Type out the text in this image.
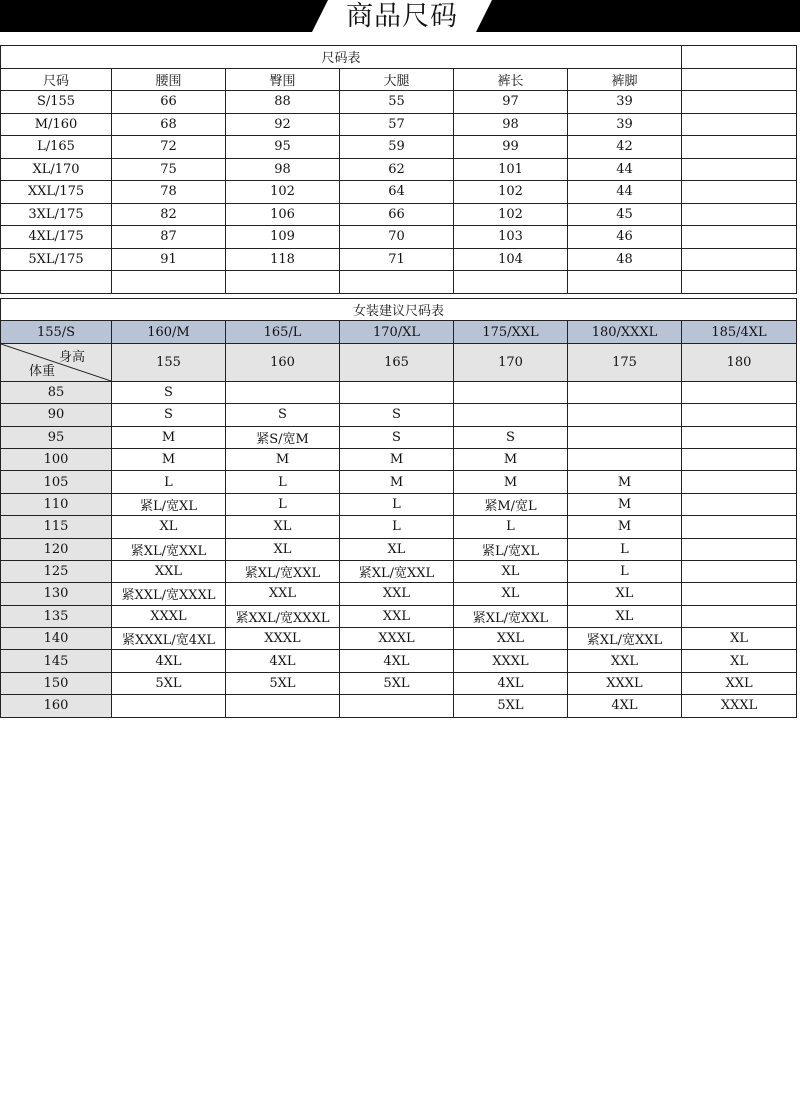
商品尺码
尺码表						
尺码	腰围	臀围	大腿	裤长	裤脚	
S/155	66	88	55	97	39	
M/160	68	92	57	98	39	
L/165	72	95	59	99	42	
XL/170	75	98	62	101	44	
XXL/175	78	102	64	102	44	
3XL/175	82	106	66	102	45	
4XL/175	87	109	70	103	46	
5XL/175	91	118	71	104	48	

女装建议尺码表						
155/S	160/M	165/L	170/XL	175/XXL	180/XXXL	185/4XL

身高
体重	155	160	165	170	175	180
85	S					
90	S	S	S			
95	M	紧S/宽M	S	S		
100	M	M	M	M		
105	L	L	M	M	M	
110	紧L/宽XL	L	L	紧M/宽L	M	
115	XL	XL	L	L	M	
120	紧XL/宽XXL	XL	XL	紧L/宽XL	L	
125	XXL	紧XL/宽XXL	紧XL/宽XXL	XL	L	
130	紧XXL/宽XXXL	XXL	XXL	XL	XL	
135	XXXL	紧XXL/宽XXXL	XXL	紧XL/宽XXL	XL	
140	紧XXXL/宽4XL	XXXL	XXXL	XXL	紧XL/宽XXL	XL
145	4XL	4XL	4XL	XXXL	XXL	XL
150	5XL	5XL	5XL	4XL	XXXL	XXL
160				5XL	4XL	XXXL
